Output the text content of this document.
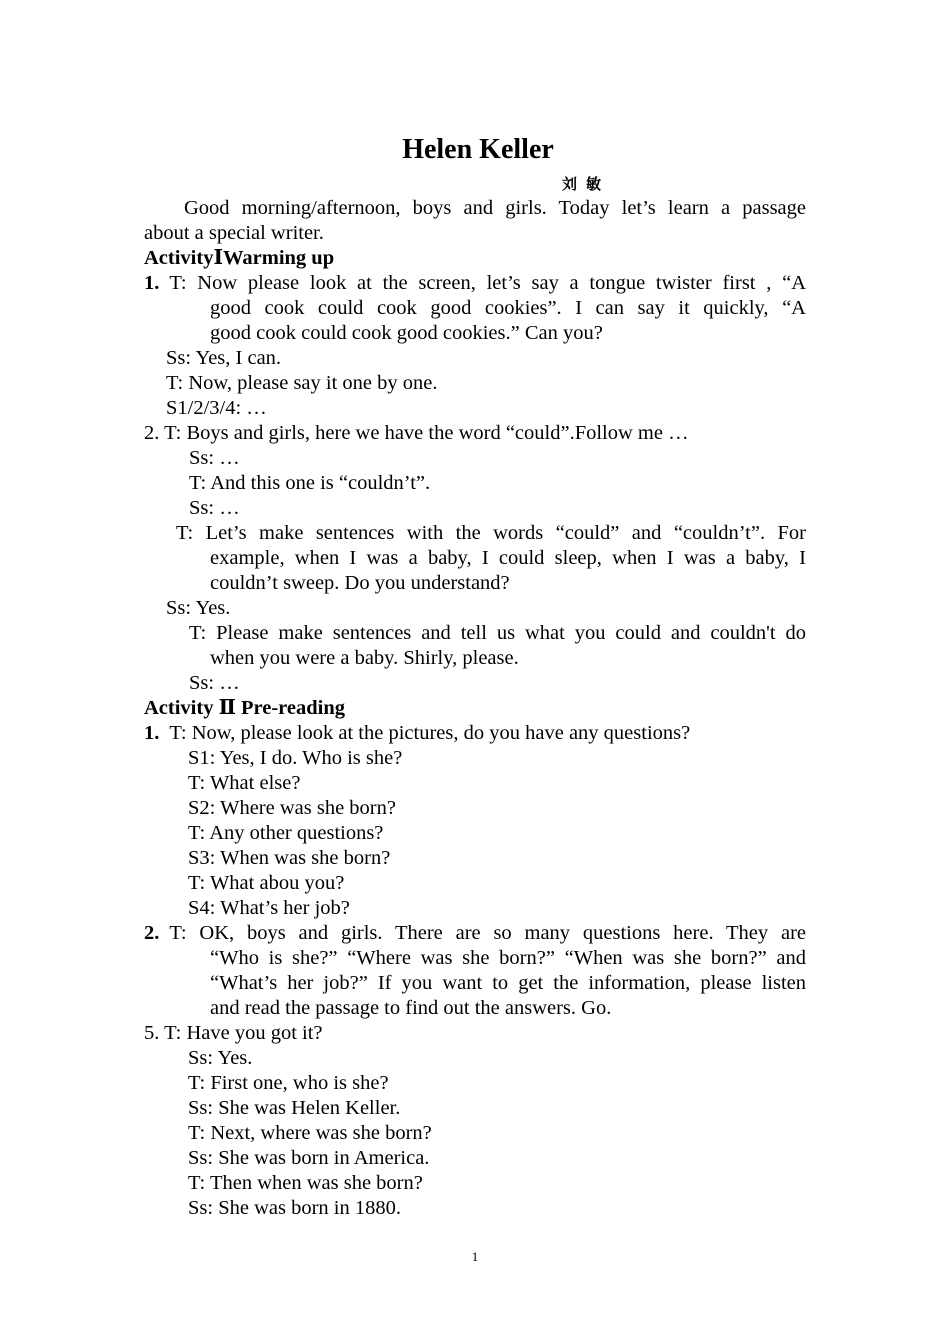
Helen Keller
刘 敏
Good morning/afternoon, boys and girls. Today let’s learn a passage
about a special writer.
ActivityⅠWarming up
1. T: Now please look at the screen, let’s say a tongue twister first , “A
good cook could cook good cookies”. I can say it quickly, “A
good cook could cook good cookies.” Can you?
Ss: Yes, I can.
T: Now, please say it one by one.
S1/2/3/4: …
2. T: Boys and girls, here we have the word “could”.Follow me …
Ss: …
T: And this one is “couldn’t”.
Ss: …
T: Let’s make sentences with the words “could” and “couldn’t”. For
example, when I was a baby, I could sleep, when I was a baby, I
couldn’t sweep. Do you understand?
Ss: Yes.
T: Please make sentences and tell us what you could and couldn't do
when you were a baby. Shirly, please.
Ss: …
Activity Ⅱ Pre-reading
1. T: Now, please look at the pictures, do you have any questions?
S1: Yes, I do. Who is she?
T: What else?
S2: Where was she born?
T: Any other questions?
S3: When was she born?
T: What abou you?
S4: What’s her job?
2. T: OK, boys and girls. There are so many questions here. They are
“Who is she?” “Where was she born?” “When was she born?” and
“What’s her job?” If you want to get the information, please listen
and read the passage to find out the answers. Go.
5. T: Have you got it?
Ss: Yes.
T: First one, who is she?
Ss: She was Helen Keller.
T: Next, where was she born?
Ss: She was born in America.
T: Then when was she born?
Ss: She was born in 1880.
1
